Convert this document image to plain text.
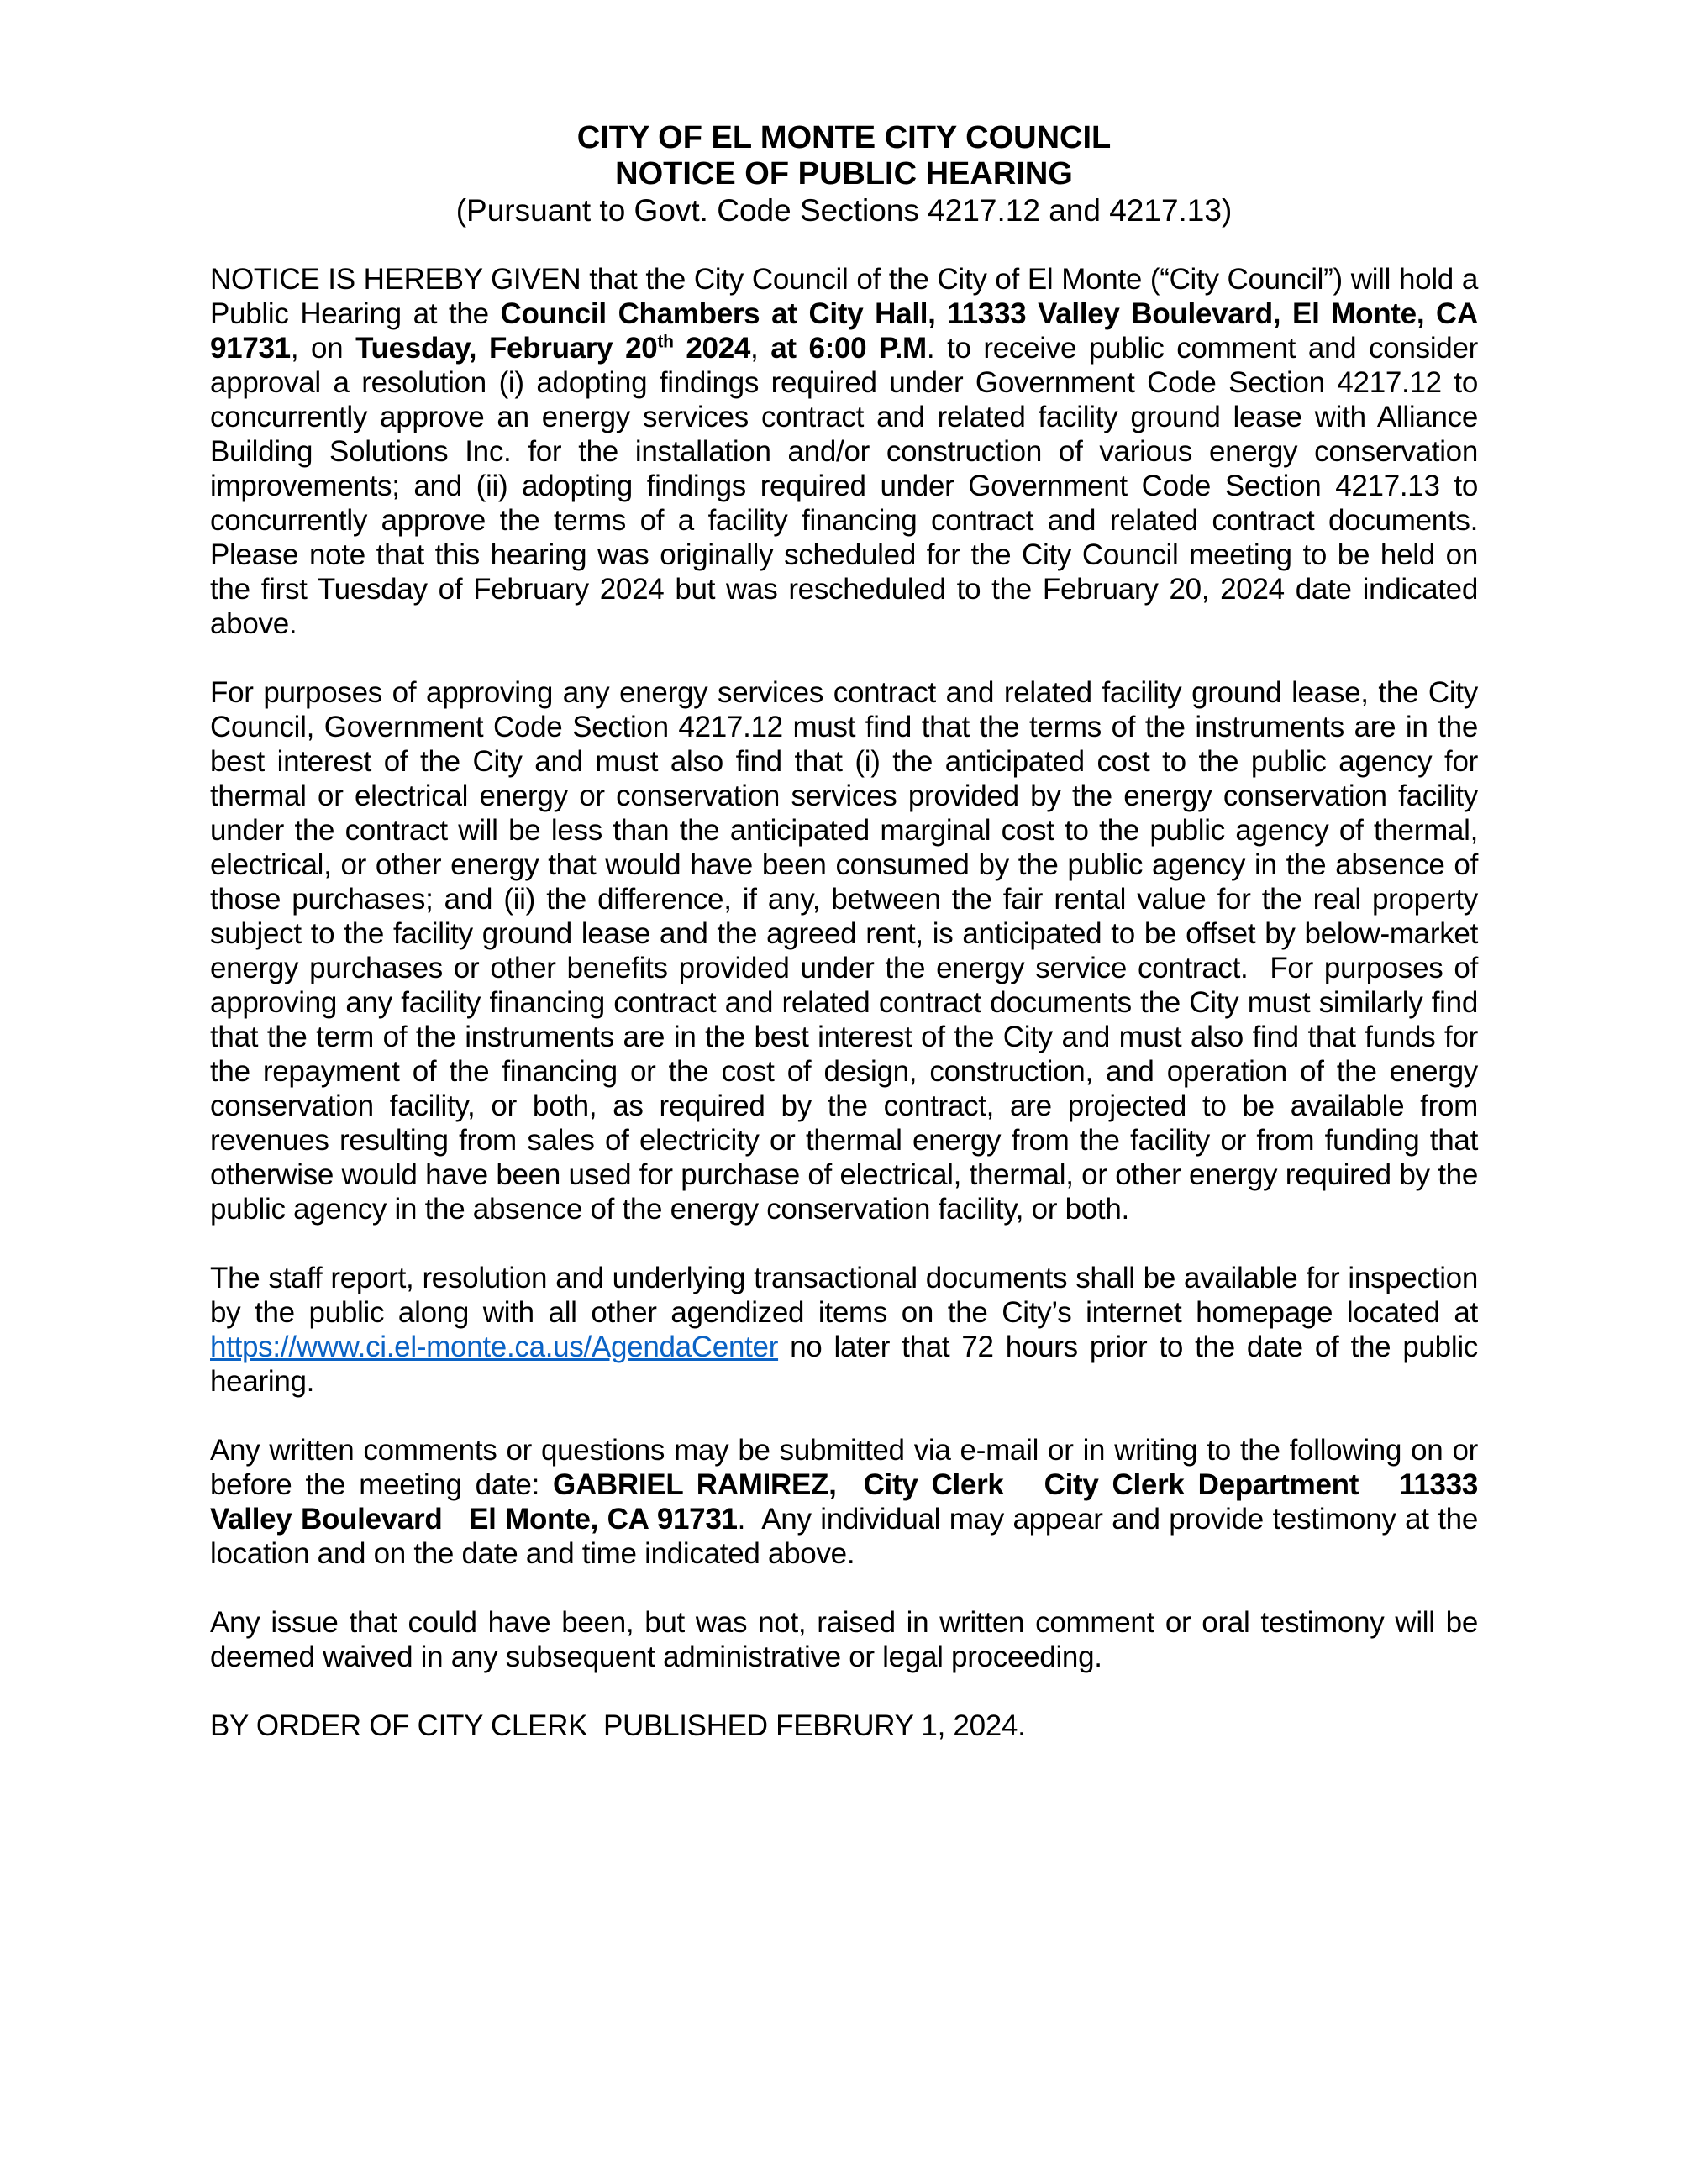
CITY OF EL MONTE CITY COUNCIL
NOTICE OF PUBLIC HEARING
(Pursuant to Govt. Code Sections 4217.12 and 4217.13)

NOTICE IS HEREBY GIVEN that the City Council of the City of El Monte (“City Council”) will hold a Public Hearing at the Council Chambers at City Hall, 11333 Valley Boulevard, El Monte, CA 91731, on Tuesday, February 20th 2024, at 6:00 P.M. to receive public comment and consider approval a resolution (i) adopting findings required under Government Code Section 4217.12 to concurrently approve an energy services contract and related facility ground lease with Alliance Building Solutions Inc. for the installation and/or construction of various energy conservation improvements; and (ii) adopting findings required under Government Code Section 4217.13 to concurrently approve the terms of a facility financing contract and related contract documents.  Please note that this hearing was originally scheduled for the City Council meeting to be held on the first Tuesday of February 2024 but was rescheduled to the February 20, 2024 date indicated above.

For purposes of approving any energy services contract and related facility ground lease, the City Council, Government Code Section 4217.12 must find that the terms of the instruments are in the best interest of the City and must also find that (i) the anticipated cost to the public agency for thermal or electrical energy or conservation services provided by the energy conservation facility under the contract will be less than the anticipated marginal cost to the public agency of thermal, electrical, or other energy that would have been consumed by the public agency in the absence of those purchases; and (ii) the difference, if any, between the fair rental value for the real property subject to the facility ground lease and the agreed rent, is anticipated to be offset by below-market energy purchases or other benefits provided under the energy service contract.  For purposes of approving any facility financing contract and related contract documents the City must similarly find that the term of the instruments are in the best interest of the City and must also find that funds for the repayment of the financing or the cost of design, construction, and operation of the energy conservation facility, or both, as required by the contract, are projected to be available from revenues resulting from sales of electricity or thermal energy from the facility or from funding that otherwise would have been used for purchase of electrical, thermal, or other energy required by the public agency in the absence of the energy conservation facility, or both.

The staff report, resolution and underlying transactional documents shall be available for inspection by the public along with all other agendized items on the City’s internet homepage located at https://www.ci.el-monte.ca.us/AgendaCenter no later that 72 hours prior to the date of the public hearing.

Any written comments or questions may be submitted via e-mail or in writing to the following on or before the meeting date: GABRIEL RAMIREZ,  City Clerk   City Clerk Department   11333 Valley Boulevard   El Monte, CA 91731.  Any individual may appear and provide testimony at the location and on the date and time indicated above.

Any issue that could have been, but was not, raised in written comment or oral testimony will be deemed waived in any subsequent administrative or legal proceeding.

BY ORDER OF CITY CLERK  PUBLISHED FEBRURY 1, 2024.
